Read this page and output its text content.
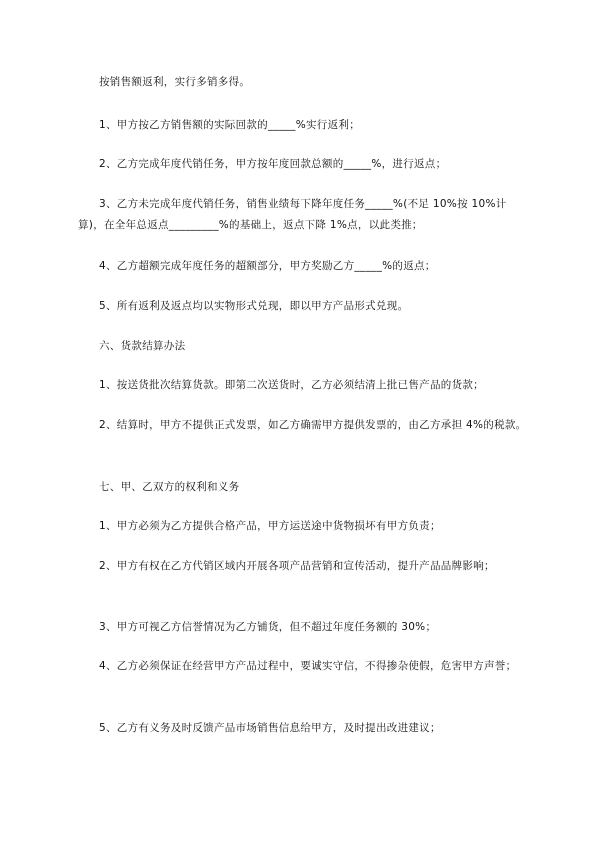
按销售额返利，实行多销多得。
1、甲方按乙方销售额的实际回款的_____%实行返利；
2、乙方完成年度代销任务，甲方按年度回款总额的_____%，进行返点；
3、乙方未完成年度代销任务，销售业绩每下降年度任务_____%(不足 10%按 10%计算)，在全年总返点_________%的基础上，返点下降 1%点，以此类推；
4、乙方超额完成年度任务的超额部分，甲方奖励乙方_____%的返点；
5、所有返利及返点均以实物形式兑现，即以甲方产品形式兑现。
六、货款结算办法
1、按送货批次结算货款。即第二次送货时，乙方必须结清上批已售产品的货款；
2、结算时，甲方不提供正式发票，如乙方确需甲方提供发票的，由乙方承担 4%的税款。
七、甲、乙双方的权利和义务
1、甲方必须为乙方提供合格产品，甲方运送途中货物损坏有甲方负责；
2、甲方有权在乙方代销区域内开展各项产品营销和宣传活动，提升产品品牌影响；
3、甲方可视乙方信誉情况为乙方铺货，但不超过年度任务额的 30%；
4、乙方必须保证在经营甲方产品过程中，要诚实守信，不得掺杂使假，危害甲方声誉；
5、乙方有义务及时反馈产品市场销售信息给甲方，及时提出改进建议；
